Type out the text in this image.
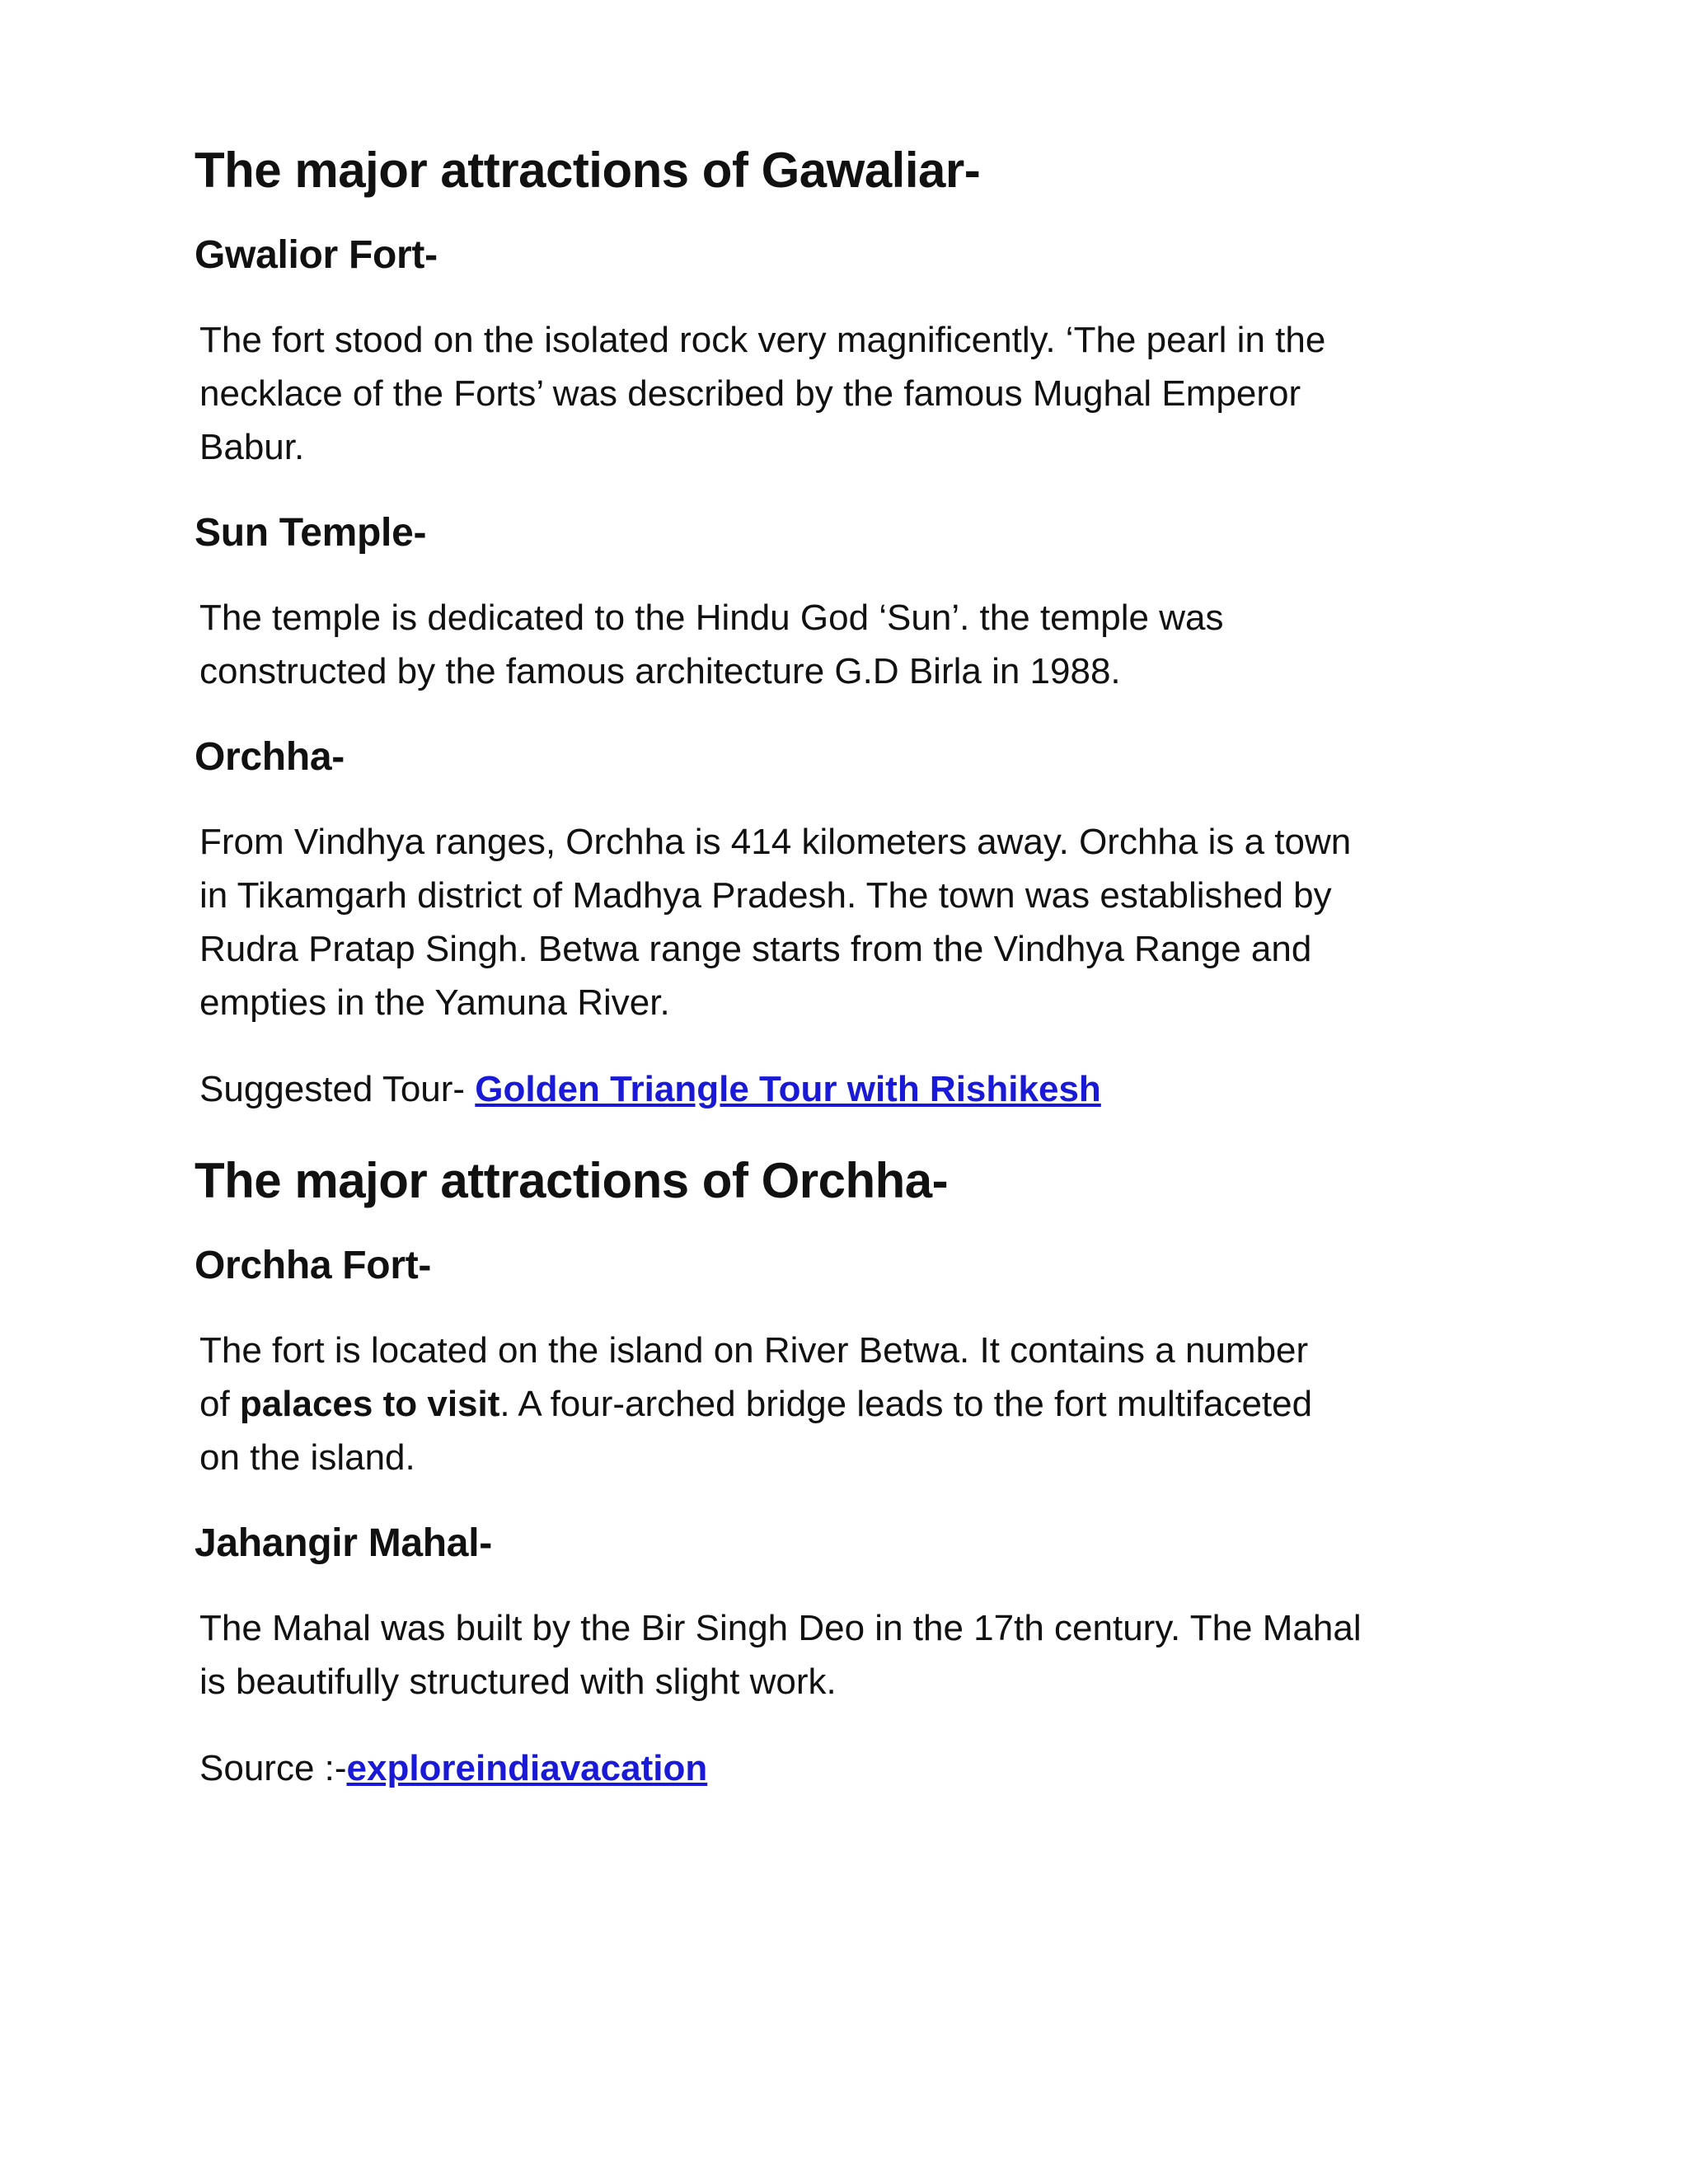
The major attractions of Gawaliar-
Gwalior Fort-
The fort stood on the isolated rock very magnificently. ‘The pearl in the
necklace of the Forts’ was described by the famous Mughal Emperor
Babur.
Sun Temple-
The temple is dedicated to the Hindu God ‘Sun’. the temple was
constructed by the famous architecture G.D Birla in 1988.
Orchha-
From Vindhya ranges, Orchha is 414 kilometers away. Orchha is a town
in Tikamgarh district of Madhya Pradesh. The town was established by
Rudra Pratap Singh. Betwa range starts from the Vindhya Range and
empties in the Yamuna River.
Suggested Tour- Golden Triangle Tour with Rishikesh
The major attractions of Orchha-
Orchha Fort-
The fort is located on the island on River Betwa. It contains a number
of palaces to visit. A four-arched bridge leads to the fort multifaceted
on the island.
Jahangir Mahal-
The Mahal was built by the Bir Singh Deo in the 17th century. The Mahal
is beautifully structured with slight work.
Source :-exploreindiavacation
